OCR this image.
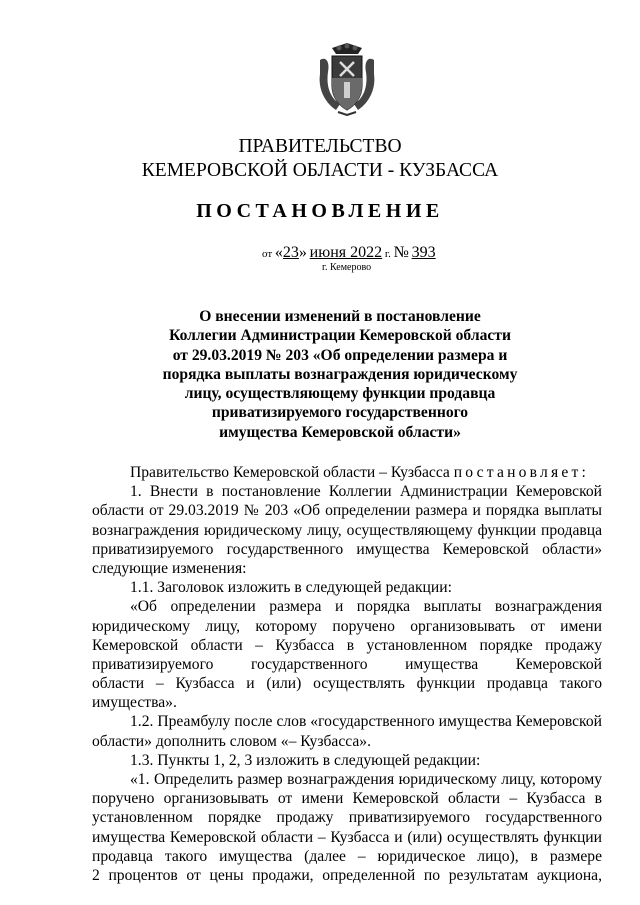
ПРАВИТЕЛЬСТВО
КЕМЕРОВСКОЙ ОБЛАСТИ - КУЗБАССА
ПОСТАНОВЛЕНИЕ
от «23» июня 2022 г. № 393
г. Кемерово
О внесении изменений в постановление
Коллегии Администрации Кемеровской области
от 29.03.2019 № 203 «Об определении размера и
порядка выплаты вознаграждения юридическому
лицу, осуществляющему функции продавца
приватизируемого государственного
имущества Кемеровской области»
Правительство Кемеровской области – Кузбасса постановляет:
1. Внести в постановление Коллегии Администрации Кемеровской
области от 29.03.2019 № 203 «Об определении размера и порядка выплаты
вознаграждения юридическому лицу, осуществляющему функции продавца
приватизируемого государственного имущества Кемеровской области»
следующие изменения:
1.1. Заголовок изложить в следующей редакции:
«Об определении размера и порядка выплаты вознаграждения
юридическому лицу, которому поручено организовывать от имени
Кемеровской области – Кузбасса в установленном порядке продажу
приватизируемого государственного имущества Кемеровской
области – Кузбасса и (или) осуществлять функции продавца такого
имущества».
1.2. Преамбулу после слов «государственного имущества Кемеровской
области» дополнить словом «– Кузбасса».
1.3. Пункты 1, 2, 3 изложить в следующей редакции:
«1. Определить размер вознаграждения юридическому лицу, которому
поручено организовывать от имени Кемеровской области – Кузбасса в
установленном порядке продажу приватизируемого государственного
имущества Кемеровской области – Кузбасса и (или) осуществлять функции
продавца такого имущества (далее – юридическое лицо), в размере
2 процентов от цены продажи, определенной по результатам аукциона,
